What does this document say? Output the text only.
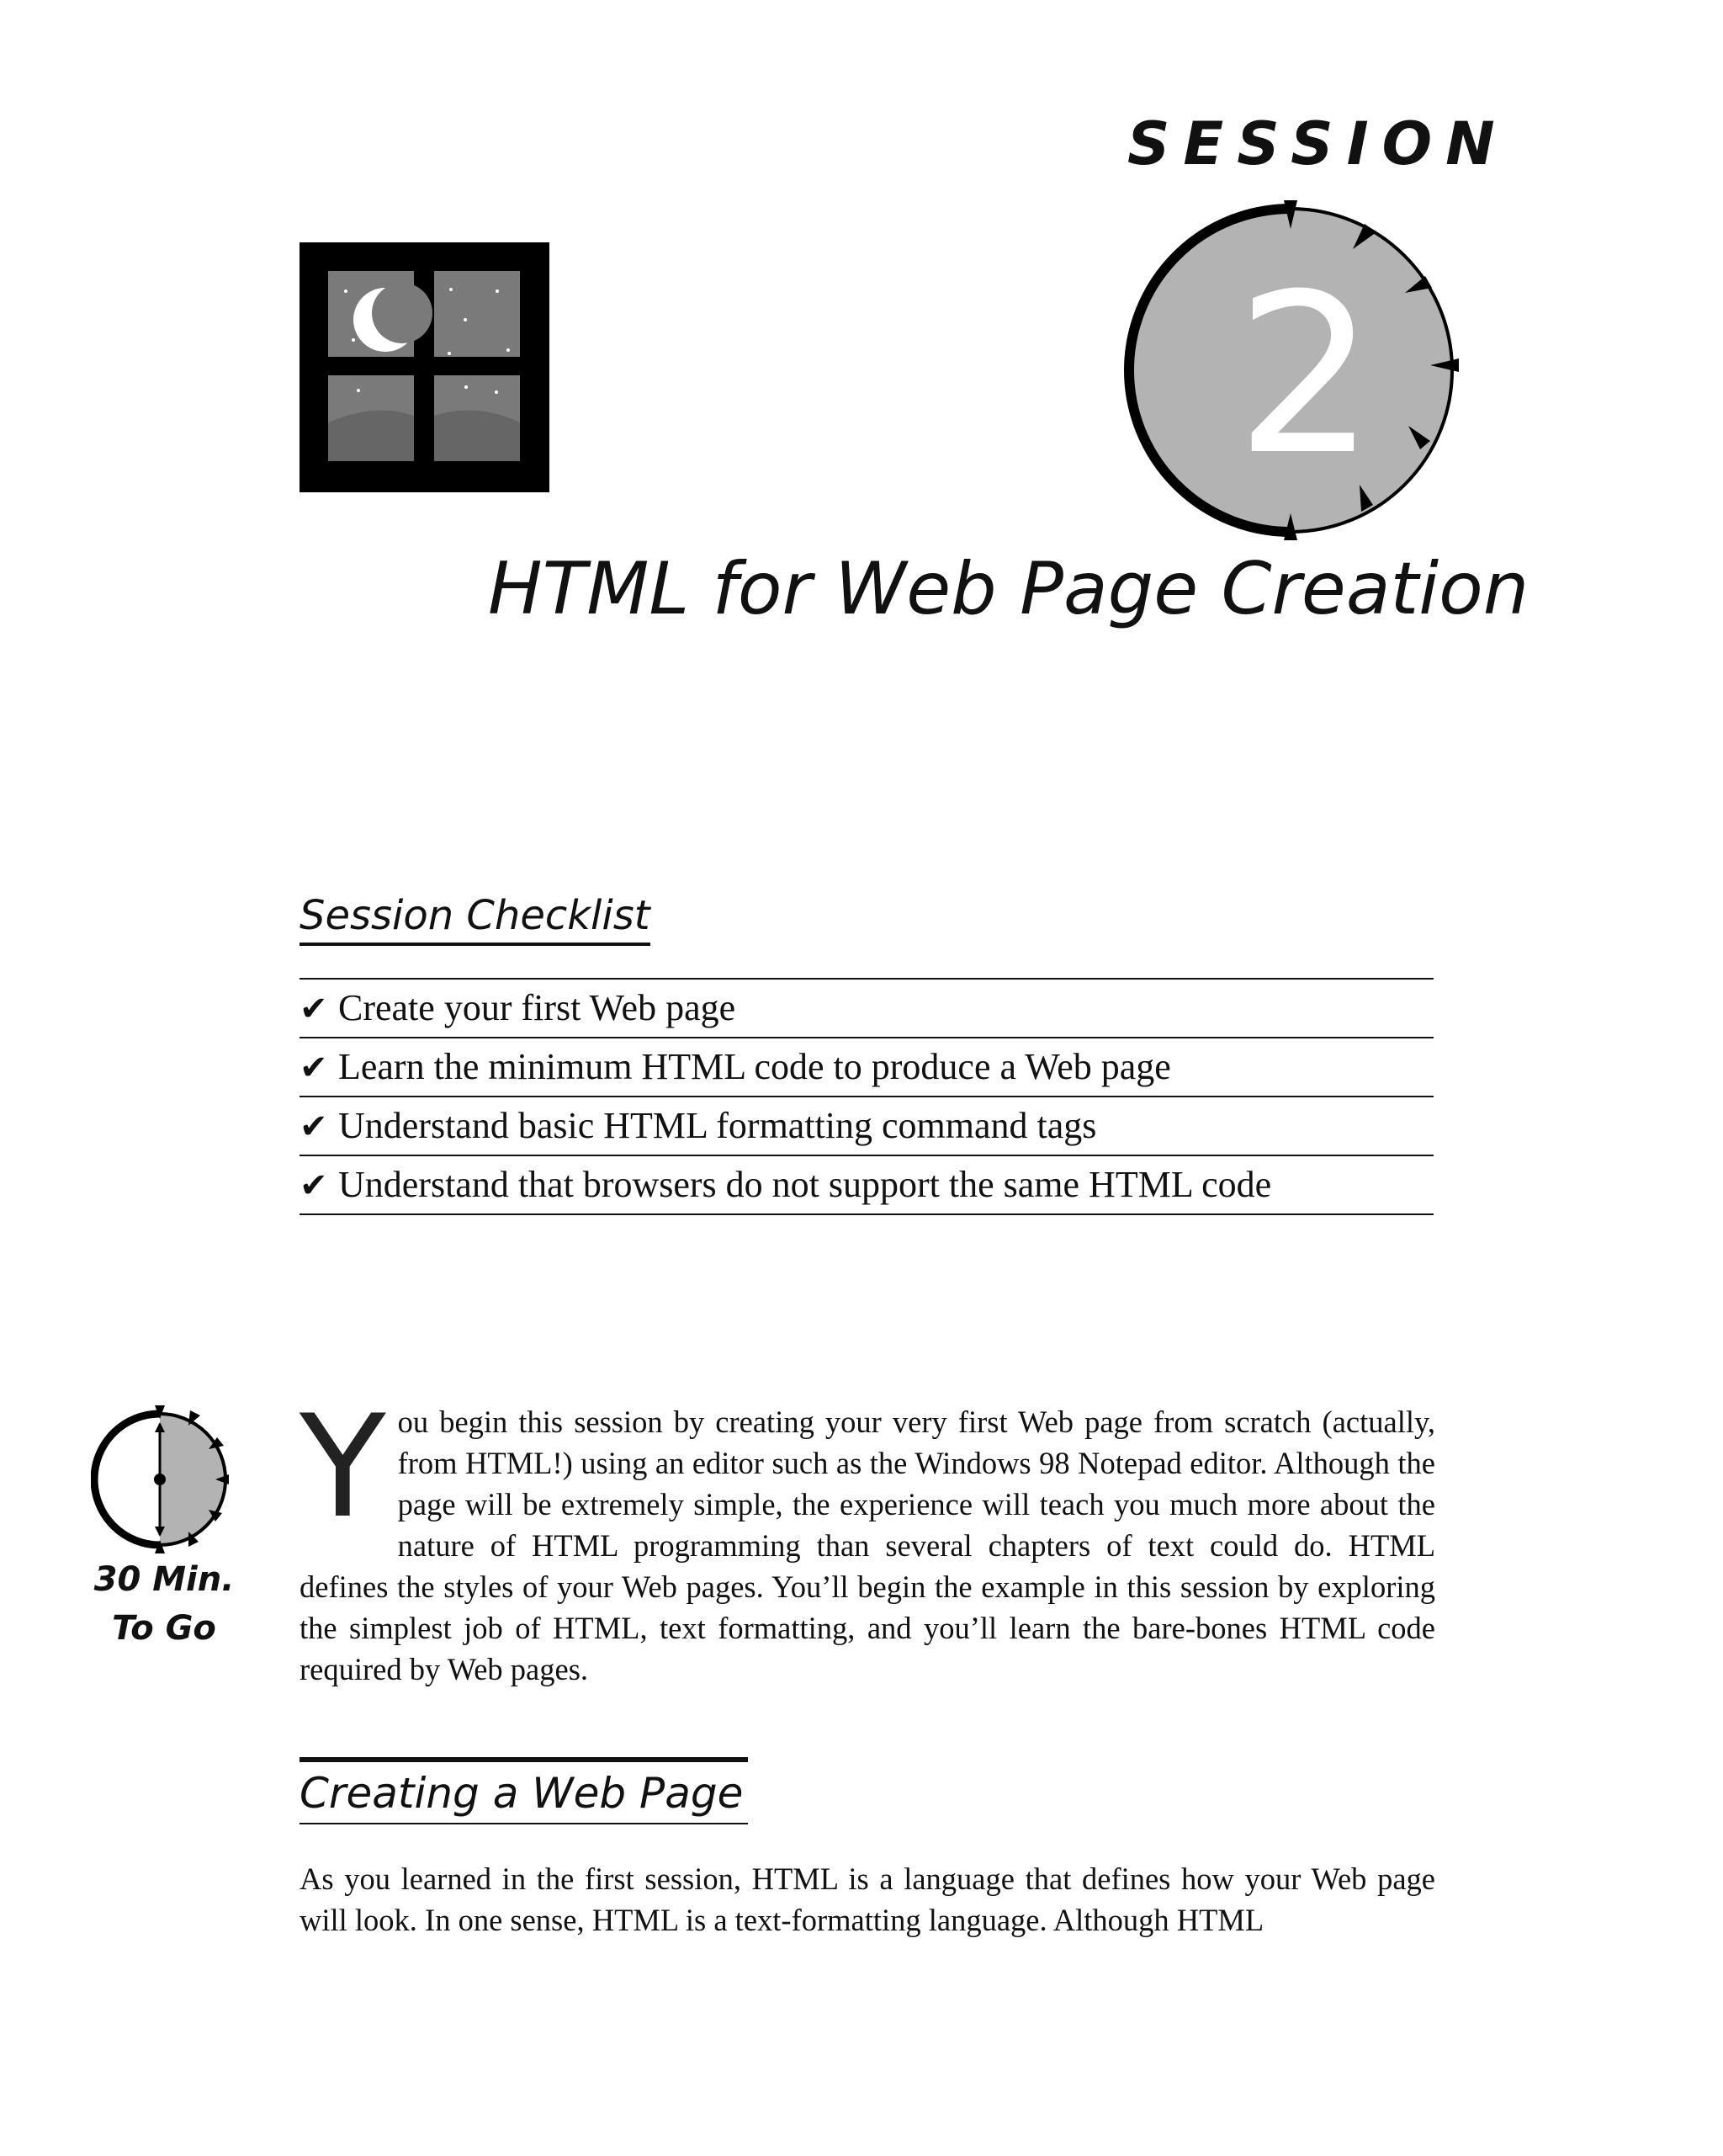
SESSION
2
HTML for Web Page Creation
Session Checklist
✔ Create your first Web page
✔ Learn the minimum HTML code to produce a Web page
✔ Understand basic HTML formatting command tags
✔ Understand that browsers do not support the same HTML code
30 Min.
To Go

You begin this session by creating your very first Web page from scratch (actually, from HTML!) using an editor such as the Windows 98 Notepad editor. Although the page will be extremely simple, the experience will teach you much more about the nature of HTML programming than several chapters of text could do. HTML defines the styles of your Web pages. You’ll begin the example in this session by exploring the simplest job of HTML, text formatting, and you’ll learn the bare-bones HTML code required by Web pages.

Creating a Web Page

As you learned in the first session, HTML is a language that defines how your Web page will look. In one sense, HTML is a text-formatting language. Although HTML
